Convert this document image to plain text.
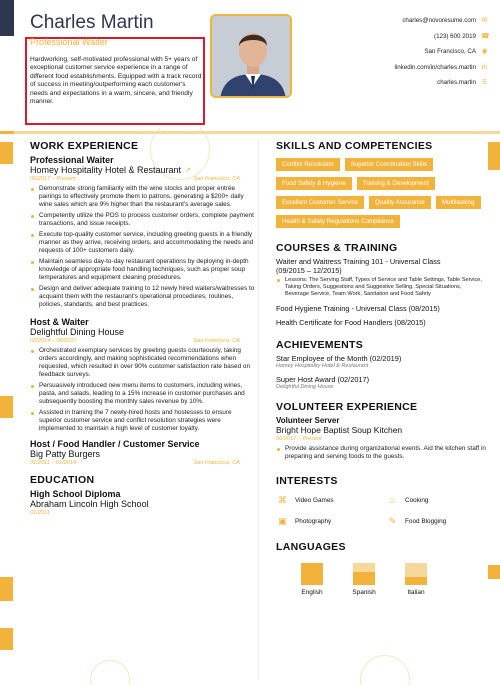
Charles Martin
Professional Waiter
Hardworking, self-motivated professional with 5+ years of exceptional customer service experience in a range of different food establishments. Equipped with a track record of success in meeting/outperforming each customer's needs and expectations in a warm, sincere, and friendly manner.
charles@novoresume.com ✉
(123) 600 2019 ☎
San Francisco, CA ◉
linkedin.com/in/charles.martin in
charles.martin S
WORK EXPERIENCE
Professional Waiter
Homey Hospitality Hotel & Restaurant ↗
06/2017 – Present	San Francisco, CA
Demonstrate strong familiarity with the wine stocks and proper entrée pairings to effectively promote them to patrons, generating a $200+ daily wine sales which are 9% higher than the restaurant's average sales.
Competently utilize the POS to process customer orders, complete payment transactions, and issue receipts.
Execute top-quality customer service, including greeting guests in a friendly manner as they arrive, receiving orders, and accommodating the needs and requests of 100+ customers daily.
Maintain seamless day-to-day restaurant operations by deploying in-depth knowledge of appropriate food handling techniques, such as proper soup temperatures and equipment cleaning procedures.
Design and deliver adequate training to 12 newly hired waiters/waitresses to acquaint them with the restaurant's operational procedures, routines, policies, standards, and best practices.
Host & Waiter
Delightful Dining House
02/2014 – 06/2017	San Francisco, CA
Orchestrated exemplary services by greeting guests courteously, taking orders accordingly, and making sophisticated recommendations when requested, which resulted in over 90% customer satisfaction rate based on feedback surveys.
Persuasively introduced new menu items to customers, including wines, pasta, and salads, leading to a 15% increase in customer purchases and subsequently boosting the monthly sales revenue by 10%.
Assisted in training the 7 newly-hired hosts and hostesses to ensure superior customer service and conflict resolution strategies were implemented to maintain a high level of customer loyalty.
Host / Food Handler / Customer Service
Big Patty Burgers
01/2011 – 01/2014	San Francisco, CA
EDUCATION
High School Diploma
Abraham Lincoln High School
01/2011
SKILLS AND COMPETENCIES
Conflict Resolution	Superior Coordination Skills
Food Safety & Hygiene	Training & Development
Excellent Customer Service	Quality Assurance	Multitasking
Health & Safety Regulations Compliance
COURSES & TRAINING
Waiter and Waitress Training 101 - Universal Class
(09/2015 – 12/2015)
Lessons: The Serving Staff, Types of Service and Table Settings, Table Service, Taking Orders, Suggestions and Suggestive Selling, Special Situations, Beverage Service, Team Work, Sanitation and Food Safety
Food Hygiene Training - Universal Class (08/2015)
Health Certificate for Food Handlers (08/2015)
ACHIEVEMENTS
Star Employee of the Month (02/2019)
Homey Hospitality Hotel & Restaurant
Super Host Award (02/2017)
Delightful Dining House
VOLUNTEER EXPERIENCE
Volunteer Server
Bright Hope Baptist Soup Kitchen
06/2017 – Present
Provide assistance during organizational events. Aid the kitchen staff in preparing and serving foods to the guests.
INTERESTS
⌘	Video Games	♨	Cooking
▣	Photography	✎	Food Blogging
LANGUAGES
English	Spanish	Italian
